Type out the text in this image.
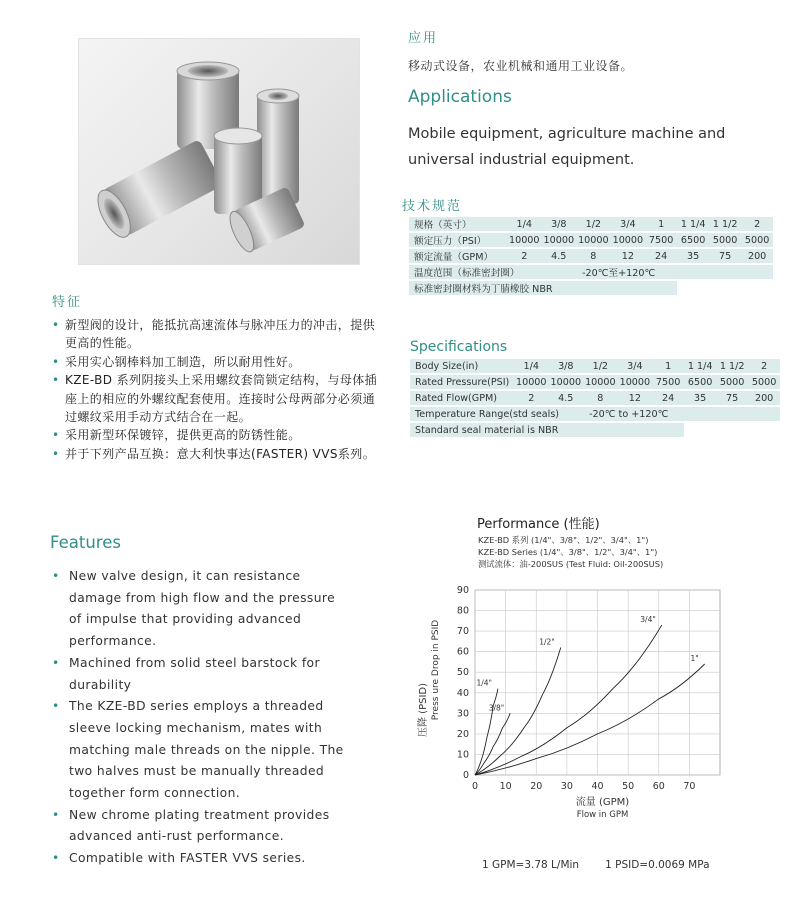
应用
移动式设备，农业机械和通用工业设备。
Applications
Mobile equipment, agriculture machine and universal industrial equipment.
技术规范
规格（英寸）	1/4	3/8	1/2	3/4	1	1 1/4	1 1/2	2
额定压力（PSI）	10000	10000	10000	10000	7500	6500	5000	5000
额定流量（GPM）	2	4.5	8	12	24	35	75	200
温度范围（标准密封圈）			-20℃至+120℃					
标准密封圈材料为丁腈橡胶 NBR								
特征
• 新型阀的设计，能抵抗高速流体与脉冲压力的冲击，提供更高的性能。
• 采用实心钢棒料加工制造，所以耐用性好。
• KZE-BD 系列阴接头上采用螺纹套筒锁定结构，与母体插座上的相应的外螺纹配套使用。连接时公母两部分必须通过螺纹采用手动方式结合在一起。
• 采用新型环保镀锌，提供更高的防锈性能。
• 并于下列产品互换：意大利快事达(FASTER) VVS系列。
Specifications
Body Size(in)	1/4	3/8	1/2	3/4	1	1 1/4	1 1/2	2
Rated Pressure(PSI)	10000	10000	10000	10000	7500	6500	5000	5000
Rated Flow(GPM)	2	4.5	8	12	24	35	75	200
Temperature Range(std seals)			-20℃ to +120℃					
Standard seal material is NBR								
Features
• New valve design, it can resistance damage from high flow and the pressure of impulse that providing advanced performance.
• Machined from solid steel barstock for durability
• The KZE-BD series employs a threaded sleeve locking mechanism, mates with matching male threads on the nipple. The two halves must be manually threaded together form connection.
• New chrome plating treatment provides advanced anti-rust performance.
• Compatible with FASTER VVS series.
Performance (性能)
KZE-BD 系列 (1/4"、3/8"、1/2"、3/4"、1")
KZE-BD Series (1/4"、3/8"、1/2"、3/4"、1")
测试流体：油-200SUS (Test Fluid: Oil-200SUS)
0
10
20
30
40
50
60
70
80
90
0 10 20 30 40 50 60 70
1/4"
3/8"
1/2"
3/4"
1"
流量 (GPM)
Flow in GPM
压降 (PSID) Press ure Drop in PSID
1 GPM=3.78 L/Min 1 PSID=0.0069 MPa
